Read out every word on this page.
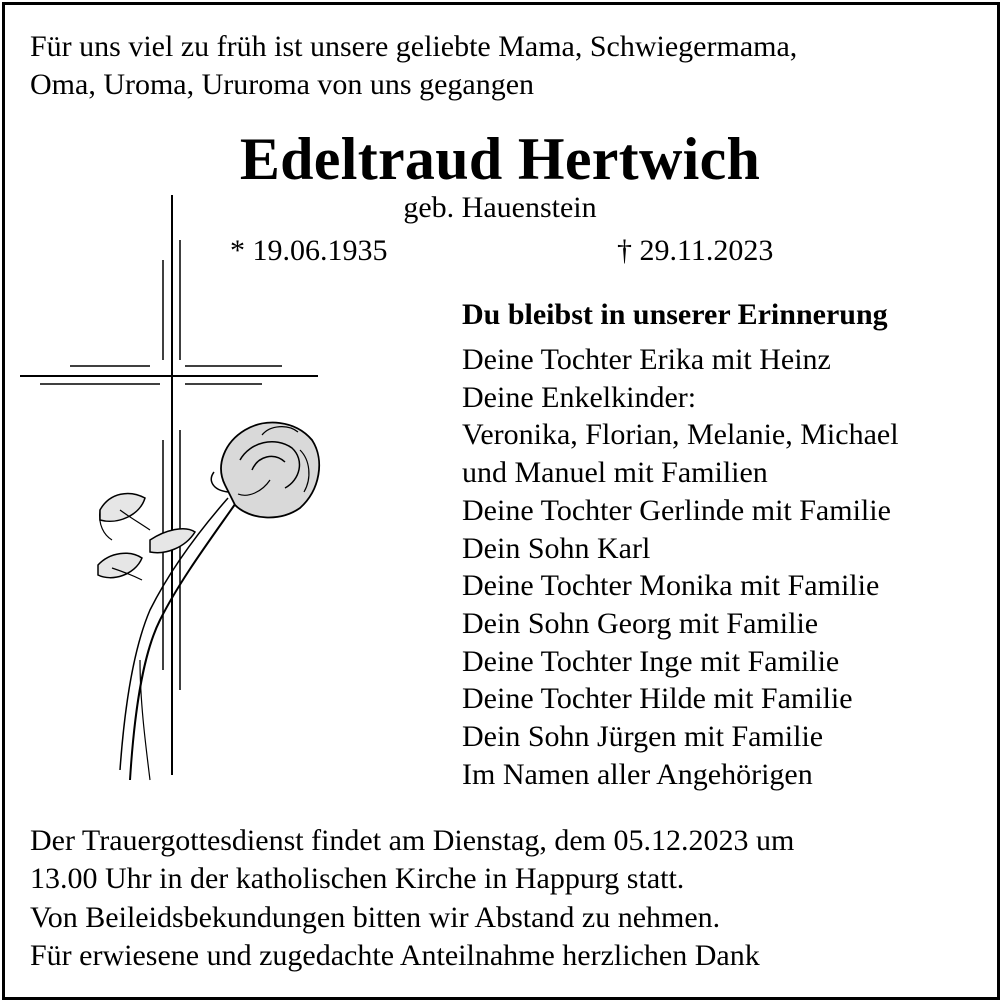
Für uns viel zu früh ist unsere geliebte Mama, Schwiegermama,
Oma, Uroma, Ururoma von uns gegangen

Edeltraud Hertwich

geb. Hauenstein

* 19.06.1935	† 29.11.2023

Du bleibst in unserer Erinnerung

Deine Tochter Erika mit Heinz
Deine Enkelkinder:
Veronika, Florian, Melanie, Michael
und Manuel mit Familien
Deine Tochter Gerlinde mit Familie
Dein Sohn Karl
Deine Tochter Monika mit Familie
Dein Sohn Georg mit Familie
Deine Tochter Inge mit Familie
Deine Tochter Hilde mit Familie
Dein Sohn Jürgen mit Familie
Im Namen aller Angehörigen

Der Trauergottesdienst findet am Dienstag, dem 05.12.2023 um
13.00 Uhr in der katholischen Kirche in Happurg statt.
Von Beileidsbekundungen bitten wir Abstand zu nehmen.
Für erwiesene und zugedachte Anteilnahme herzlichen Dank
